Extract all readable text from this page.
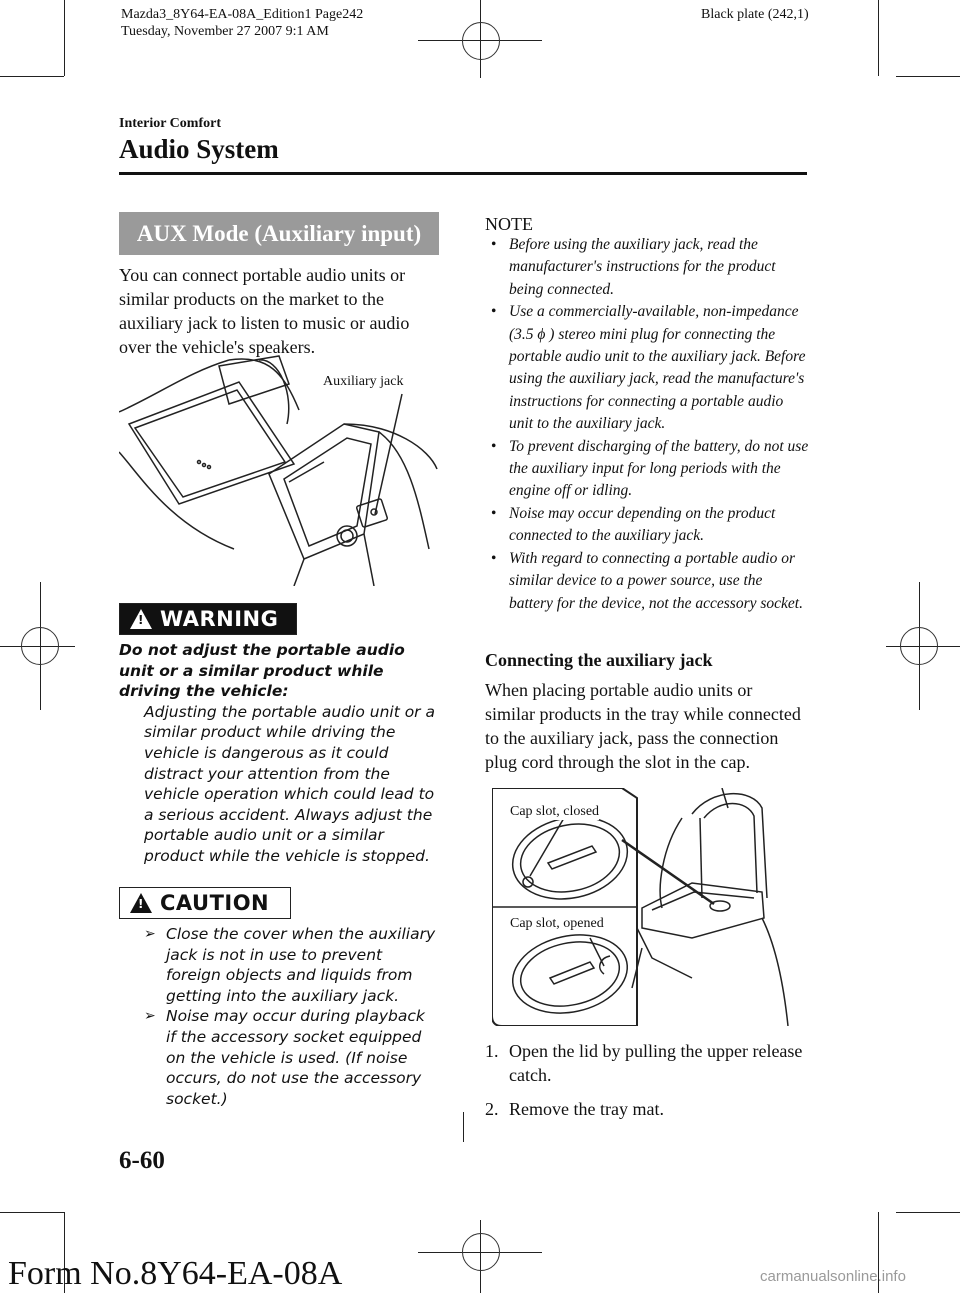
Mazda3_8Y64-EA-08A_Edition1 Page242
Tuesday, November 27 2007 9:1 AM
Black plate (242,1)
Interior Comfort
Audio System
AUX Mode (Auxiliary input)
You can connect portable audio units or similar products on the market to the auxiliary jack to listen to music or audio over the vehicle's speakers.
Auxiliary jack
! WARNING
Do not adjust the portable audio unit or a similar product while driving the vehicle:
Adjusting the portable audio unit or a similar product while driving the vehicle is dangerous as it could distract your attention from the vehicle operation which could lead to a serious accident. Always adjust the portable audio unit or a similar product while the vehicle is stopped.
! CAUTION
➢ Close the cover when the auxiliary jack is not in use to prevent foreign objects and liquids from getting into the auxiliary jack.
➢ Noise may occur during playback if the accessory socket equipped on the vehicle is used. (If noise occurs, do not use the accessory socket.)
NOTE
• Before using the auxiliary jack, read the manufacturer's instructions for the product being connected.
• Use a commercially-available, non-impedance (3.5 ϕ ) stereo mini plug for connecting the portable audio unit to the auxiliary jack. Before using the auxiliary jack, read the manufacture's instructions for connecting a portable audio unit to the auxiliary jack.
• To prevent discharging of the battery, do not use the auxiliary input for long periods with the engine off or idling.
• Noise may occur depending on the product connected to the auxiliary jack.
• With regard to connecting a portable audio or similar device to a power source, use the battery for the device, not the accessory socket.
Connecting the auxiliary jack
When placing portable audio units or similar products in the tray while connected to the auxiliary jack, pass the connection plug cord through the slot in the cap.
Cap slot, closed
Cap slot, opened
1. Open the lid by pulling the upper release catch.
2. Remove the tray mat.
6-60
Form No.8Y64-EA-08A	carmanualsonline.info
